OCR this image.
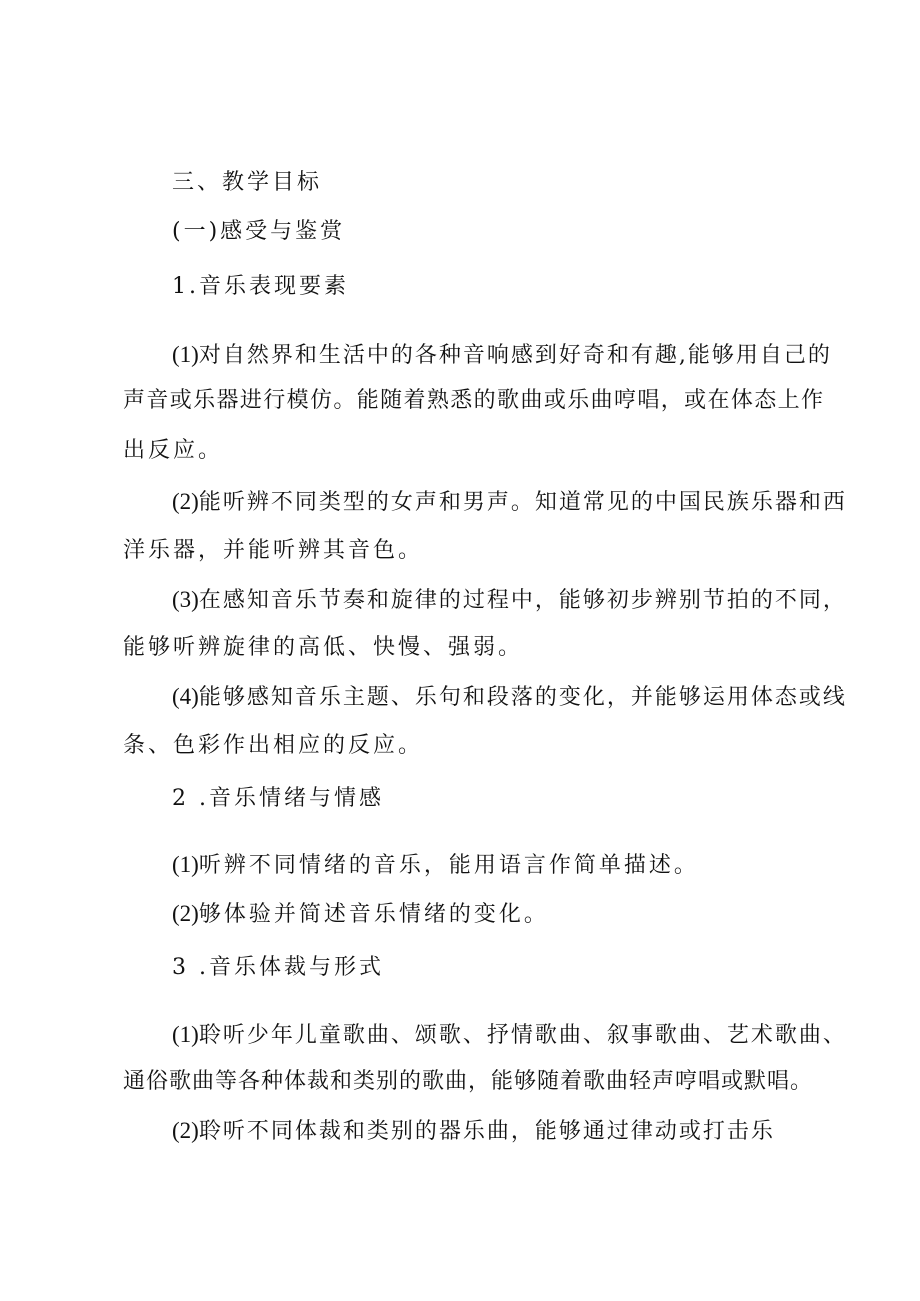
三、教学目标
(一)感受与鉴赏
1.音乐表现要素
(1)对自然界和生活中的各种音响感到好奇和有趣,能够用自己的
声音或乐器进行模仿。能随着熟悉的歌曲或乐曲哼唱，或在体态上作
出反应。
(2)能听辨不同类型的女声和男声。知道常见的中国民族乐器和西
洋乐器，并能听辨其音色。
(3)在感知音乐节奏和旋律的过程中，能够初步辨别节拍的不同，
能够听辨旋律的高低、快慢、强弱。
(4)能够感知音乐主题、乐句和段落的变化，并能够运用体态或线
条、色彩作出相应的反应。
2 .音乐情绪与情感
(1)听辨不同情绪的音乐，能用语言作简单描述。
(2)够体验并简述音乐情绪的变化。
3 .音乐体裁与形式
(1)聆听少年儿童歌曲、颂歌、抒情歌曲、叙事歌曲、艺术歌曲、
通俗歌曲等各种体裁和类别的歌曲，能够随着歌曲轻声哼唱或默唱。
(2)聆听不同体裁和类别的器乐曲，能够通过律动或打击乐
